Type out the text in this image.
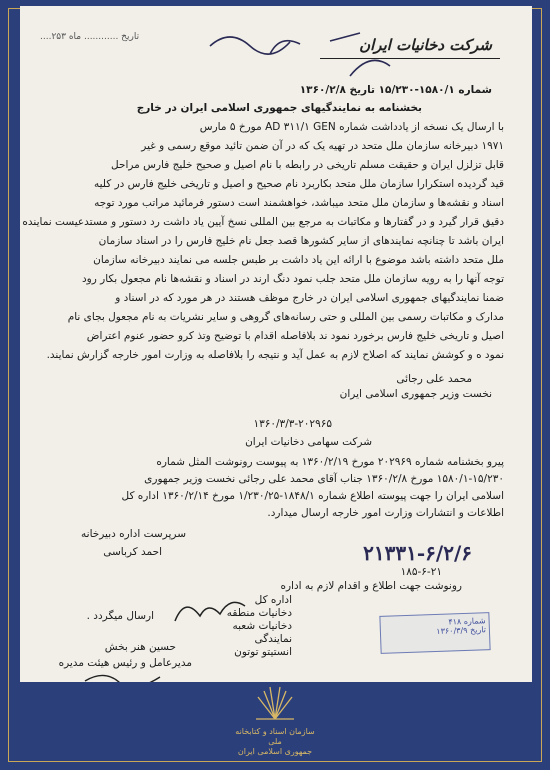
شرکت دخانیات ایران
تاریخ ............ ماه ۲۵۳....
شماره ۱۵۸۰/۱-۱۵/۲۳۰ تاریخ ۱۳۶۰/۲/۸
بخشنامه به نمایندگیهای جمهوری اسلامی ایران در خارج
با ارسال یک نسخه از یادداشت شماره AD ۳۱۱/۱ GEN مورخ ۵ مارس
۱۹۷۱ دبیرخانه سازمان ملل متحد در تهیه یک که در آن ضمن تائید موقع رسمی و غیر
قابل تزلزل ایران و حقیقت مسلم تاریخی در رابطه با نام اصیل و صحیح خلیج فارس مراحل
قید گردیده استکرارا سازمان ملل متحد بکاربرد نام صحیح و اصیل و تاریخی خلیج فارس در کلیه
اسناد و نقشه‌ها و سازمان ملل متحد میباشد، خواهشمند است دستور فرمائید مراتب مورد توجه
دقیق قرار گیرد و در گفتارها و مکاتبات به مرجع بین المللی نسخ آیین یاد داشت رد دستور و مستدعیست نماینده
ایران باشد تا چنانچه نمایندهای از سایر کشورها قصد جعل نام خلیج فارس را در اسناد سازمان
ملل متحد داشته باشد موضوع با ارائه این یاد داشت بر طبس جلسه می نمایند دبیرخانه سازمان
توجه آنها را به رویه سازمان ملل متحد جلب نمود دنگ ارند در اسناد و نقشه‌ها نام مجعول بکار رود
ضمنا نمایندگیهای جمهوری اسلامی ایران در خارج موظف هستند در هر مورد که در اسناد و
مدارک و مکاتبات رسمی بین المللی و حتی رسانه‌های گروهی و سایر نشریات به نام مجعول بجای نام
اصیل و تاریخی خلیج فارس برخورد نمود ند بلافاصله اقدام با توضیح وتذ کرو حضور عنوم اعتراض
نمود ه و کوشش نمایند که اصلاح لازم به عمل آید و نتیجه را بلافاصله به وزارت امور خارجه گزارش نمایند.
محمد علی رجائی
نخست وزیر جمهوری اسلامی ایران
۱۳۶۰/۳/۳-۲۰۲۹۶۵
شرکت سهامی دخانیات ایران
پیرو بخشنامه شماره ۲۰۲۹۶۹ مورخ ۱۳۶۰/۲/۱۹ به پیوست رونوشت المثل شماره
۱۵۸۰/۱-۱۵/۲۳۰ مورخ ۱۳۶۰/۲/۸ جناب آقای محمد علی رجائی نخست وزیر جمهوری
اسلامی ایران را جهت پیوسته اطلاع شماره ۱۸۴۸/۱-۱/۲۳۰/۲۵ مورخ ۱۳۶۰/۲/۱۴ اداره کل
اطلاعات و انتشارات وزارت امور خارجه ارسال میدارد.
سرپرست اداره دبیرخانه
احمد کرباسی	۲۱۳۳۱-۶/۲/۶
۱۸۵-۶-۲۱
رونوشت جهت اطلاع و اقدام لازم به اداره
اداره کل
دخانیات منطقه
دخانیات شعبه
نمایندگی
انستیتو توتون
ارسال میگردد .
حسین هنر بخش
مدیرعامل و رئیس هیئت مدیره
شماره ۴۱۸
تاریخ ۱۳۶۰/۳/۹
سازمان اسناد و کتابخانه ملی
جمهوری اسلامی ایران
